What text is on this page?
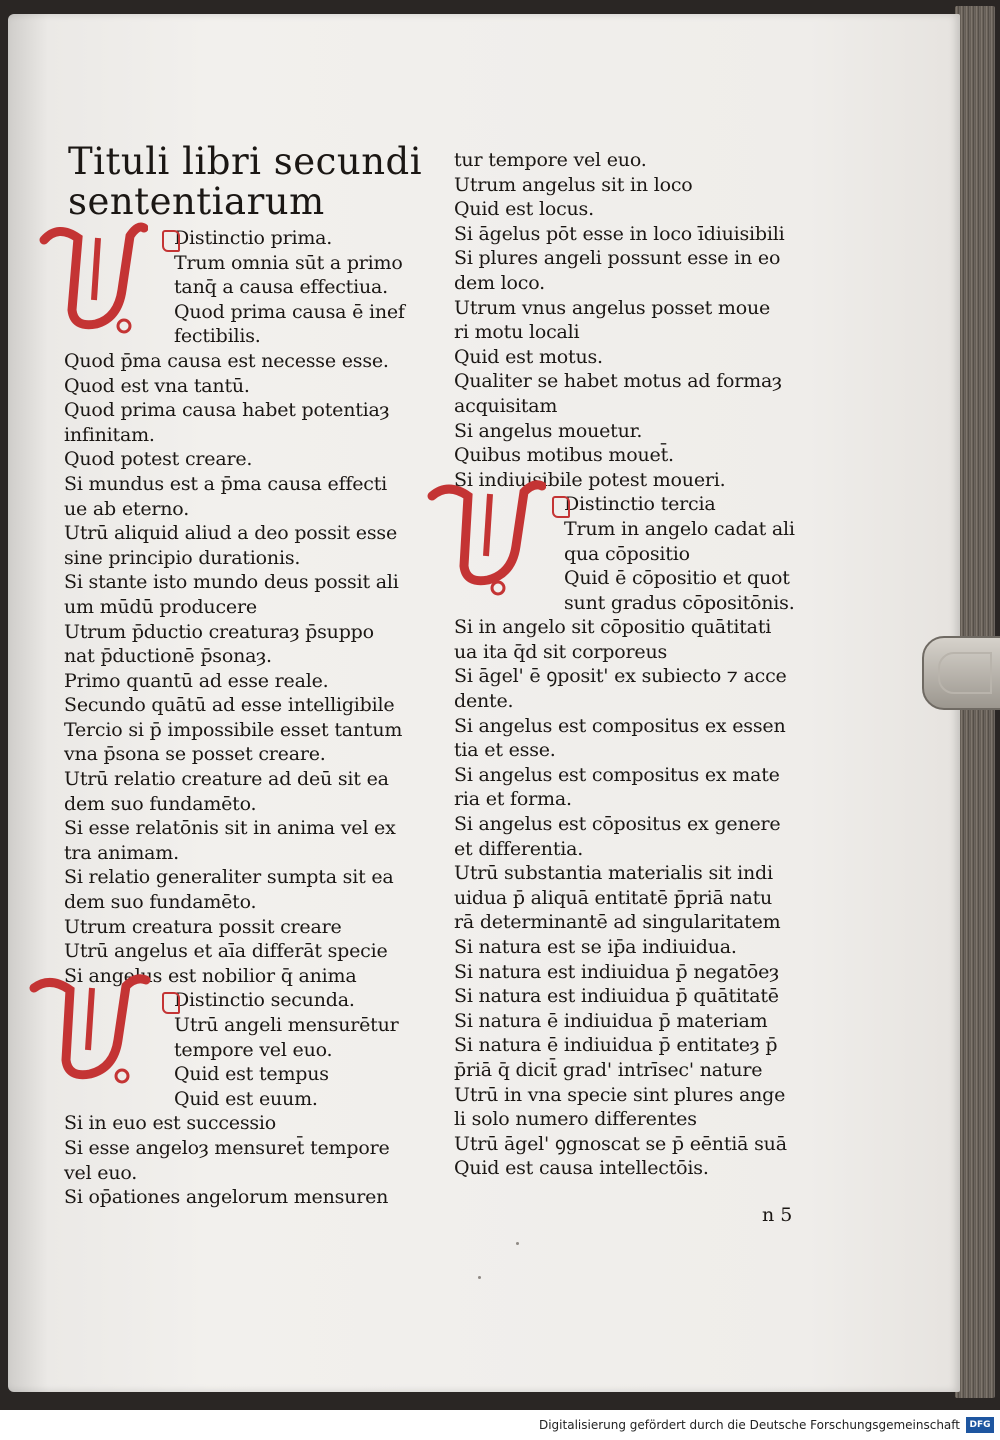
Tituli libri secundi
sententiarum
Distinctio prima.
Trum omnia sūt a primo
tanq̄ a causa effectiua.
Quod prima causa ē inef
fectibilis.
Quod p̄ma causa est necesse esse.
Quod est vna tantū.
Quod prima causa habet potentiaȝ
infinitam.
Quod potest creare.
Si mundus est a p̄ma causa effecti
ue ab eterno.
Utrū aliquid aliud a deo possit esse
sine principio durationis.
Si stante isto mundo deus possit ali
um mūdū producere
Utrum p̄ductio creaturaȝ p̄suppo
nat p̄ductionē p̄sonaȝ.
Primo quantū ad esse reale.
Secundo quātū ad esse intelligibile
Tercio si p̄ impossibile esset tantum
vna p̄sona se posset creare.
Utrū relatio creature ad deū sit ea
dem suo fundamēto.
Si esse relatōnis sit in anima vel ex
tra animam.
Si relatio generaliter sumpta sit ea
dem suo fundamēto.
Utrum creatura possit creare
Utrū angelus et aīa differāt specie
Si angelus est nobilior q̄ anima
Distinctio secunda.
Utrū angeli mensurētur
tempore vel euo.
Quid est tempus
Quid est euum.
Si in euo est successio
Si esse angeloȝ mensuret̄ tempore
vel euo.
Si op̄ationes angelorum mensuren
tur tempore vel euo.
Utrum angelus sit in loco
Quid est locus.
Si āgelus pōt esse in loco īdiuisibili
Si plures angeli possunt esse in eo
dem loco.
Utrum vnus angelus posset moue
ri motu locali
Quid est motus.
Qualiter se habet motus ad formaȝ
acquisitam
Si angelus mouetur.
Quibus motibus mouet̄.
Si indiuisibile potest moueri.
Distinctio tercia
Trum in angelo cadat ali
qua cōpositio
Quid ē cōpositio et quot
sunt gradus cōpositōnis.
Si in angelo sit cōpositio quātitati
ua ita q̄d sit corporeus
Si āgel' ē ꝯposit' ex subiecto ⁊ acce
dente.
Si angelus est compositus ex essen
tia et esse.
Si angelus est compositus ex mate
ria et forma.
Si angelus est cōpositus ex genere
et differentia.
Utrū substantia materialis sit indi
uidua p̄ aliquā entitatē p̄priā natu
rā determinantē ad singularitatem
Si natura est se ip̄a indiuidua.
Si natura est indiuidua p̄ negatōeȝ
Si natura est indiuidua p̄ quātitatē
Si natura ē indiuidua p̄ materiam
Si natura ē indiuidua p̄ entitateȝ p̄
p̄riā q̄ dicit̄ grad' intrīsec' nature
Utrū in vna specie sint plures ange
li solo numero differentes
Utrū āgel' ꝯgnoscat se p̄ eēntiā suā
Quid est causa intellectōis.
n 5
Digitalisierung gefördert durch die Deutsche Forschungsgemeinschaft	DFG
